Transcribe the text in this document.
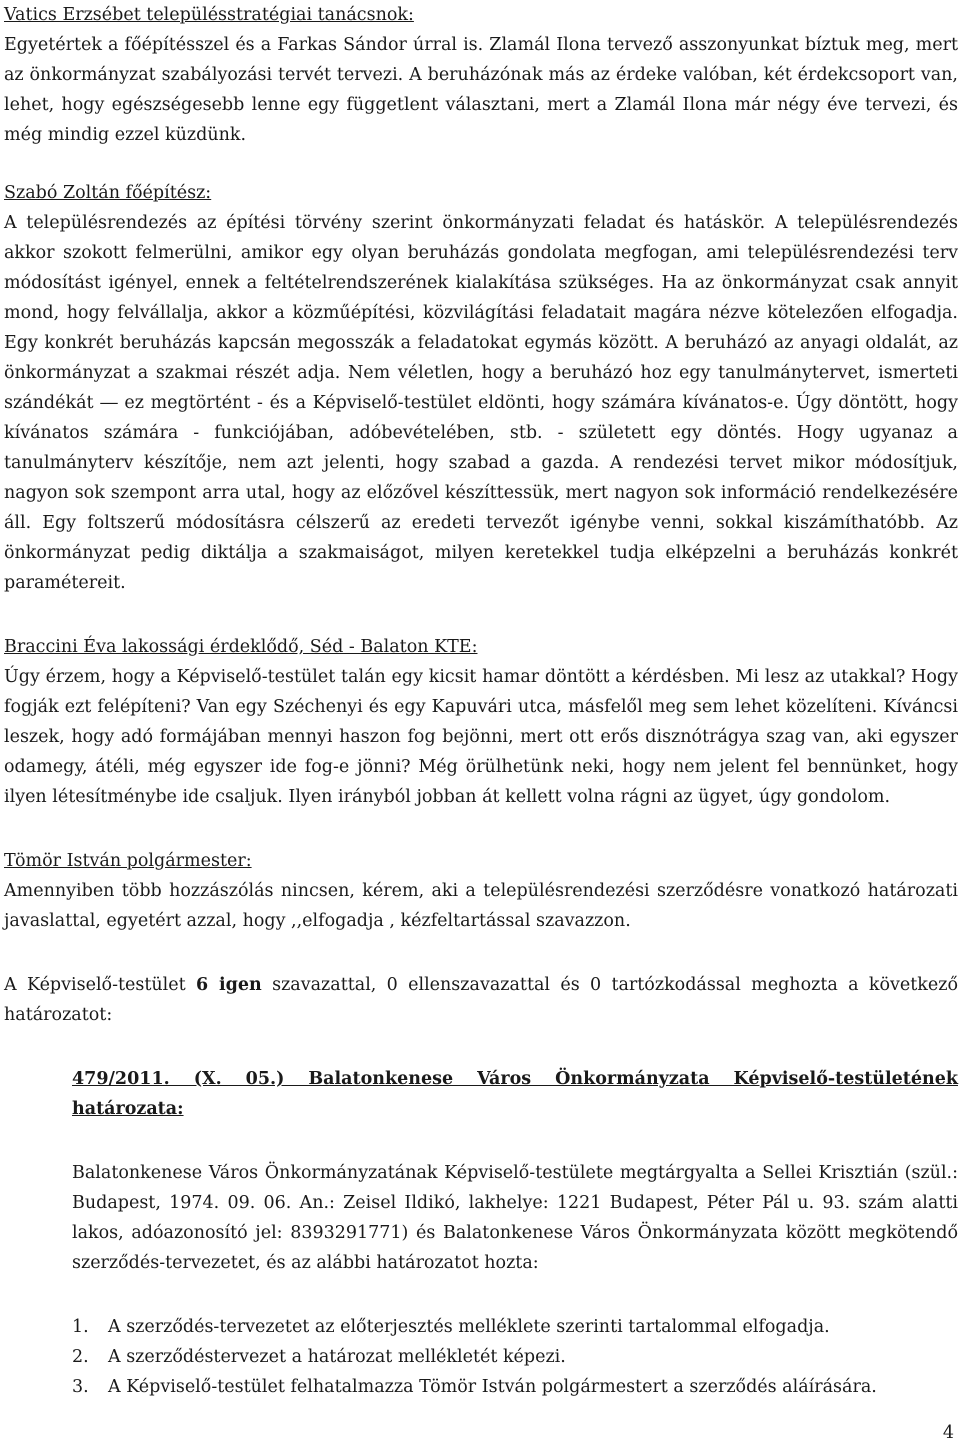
Vatics Erzsébet településstratégiai tanácsnok:

Egyetértek a főépítésszel és a Farkas Sándor úrral is. Zlamál Ilona tervező asszonyunkat bíztuk meg, mert az önkormányzat szabályozási tervét tervezi. A beruházónak más az érdeke valóban, két érdekcsoport van, lehet, hogy egészségesebb lenne egy függetlent választani, mert a Zlamál Ilona már négy éve tervezi, és még mindig ezzel küzdünk.

Szabó Zoltán főépítész:

A településrendezés az építési törvény szerint önkormányzati feladat és hatáskör. A településrendezés akkor szokott felmerülni, amikor egy olyan beruházás gondolata megfogan, ami településrendezési terv módosítást igényel, ennek a feltételrendszerének kialakítása szükséges. Ha az önkormányzat csak annyit mond, hogy felvállalja, akkor a közműépítési, közvilágítási feladatait magára nézve kötelezően elfogadja. Egy konkrét beruházás kapcsán megosszák a feladatokat egymás között. A beruházó az anyagi oldalát, az önkormányzat a szakmai részét adja. Nem véletlen, hogy a beruházó hoz egy tanulmánytervet, ismerteti szándékát ― ez megtörtént - és a Képviselő-testület eldönti, hogy számára kívánatos-e. Úgy döntött, hogy kívánatos számára - funkciójában, adóbevételében, stb. - született egy döntés. Hogy ugyanaz a tanulmányterv készítője, nem azt jelenti, hogy szabad a gazda. A rendezési tervet mikor módosítjuk, nagyon sok szempont arra utal, hogy az előzővel készíttessük, mert nagyon sok információ rendelkezésére áll. Egy foltszerű módosításra célszerű az eredeti tervezőt igénybe venni, sokkal kiszámíthatóbb. Az önkormányzat pedig diktálja a szakmaiságot, milyen keretekkel tudja elképzelni a beruházás konkrét paramétereit.

Braccini Éva lakossági érdeklődő, Séd - Balaton KTE:

Úgy érzem, hogy a Képviselő-testület talán egy kicsit hamar döntött a kérdésben. Mi lesz az utakkal? Hogy fogják ezt felépíteni? Van egy Széchenyi és egy Kapuvári utca, másfelől meg sem lehet közelíteni. Kíváncsi leszek, hogy adó formájában mennyi haszon fog bejönni, mert ott erős disznótrágya szag van, aki egyszer odamegy, átéli, még egyszer ide fog-e jönni? Még örülhetünk neki, hogy nem jelent fel bennünket, hogy ilyen létesítménybe ide csaljuk. Ilyen irányból jobban át kellett volna rágni az ügyet, úgy gondolom.

Tömör István polgármester:

Amennyiben több hozzászólás nincsen, kérem, aki a településrendezési szerződésre vonatkozó határozati javaslattal, egyetért azzal, hogy ,,elfogadja , kézfeltartással szavazzon.

A Képviselő-testület 6 igen szavazattal, 0 ellenszavazattal és 0 tartózkodással meghozta a következő határozatot:

479/2011. (X. 05.) Balatonkenese Város Önkormányzata Képviselő-testületének határozata:

Balatonkenese Város Önkormányzatának Képviselő-testülete megtárgyalta a Sellei Krisztián (szül.: Budapest, 1974. 09. 06. An.: Zeisel Ildikó, lakhelye: 1221 Budapest, Péter Pál u. 93. szám alatti lakos, adóazonosító jel: 8393291771) és Balatonkenese Város Önkormányzata között megkötendő szerződés-tervezetet, és az alábbi határozatot hozta:

1.	A szerződés-tervezetet az előterjesztés melléklete szerinti tartalommal elfogadja.
2.	A szerződéstervezet a határozat mellékletét képezi.
3.	A Képviselő-testület felhatalmazza Tömör István polgármestert a szerződés aláírására.
4
